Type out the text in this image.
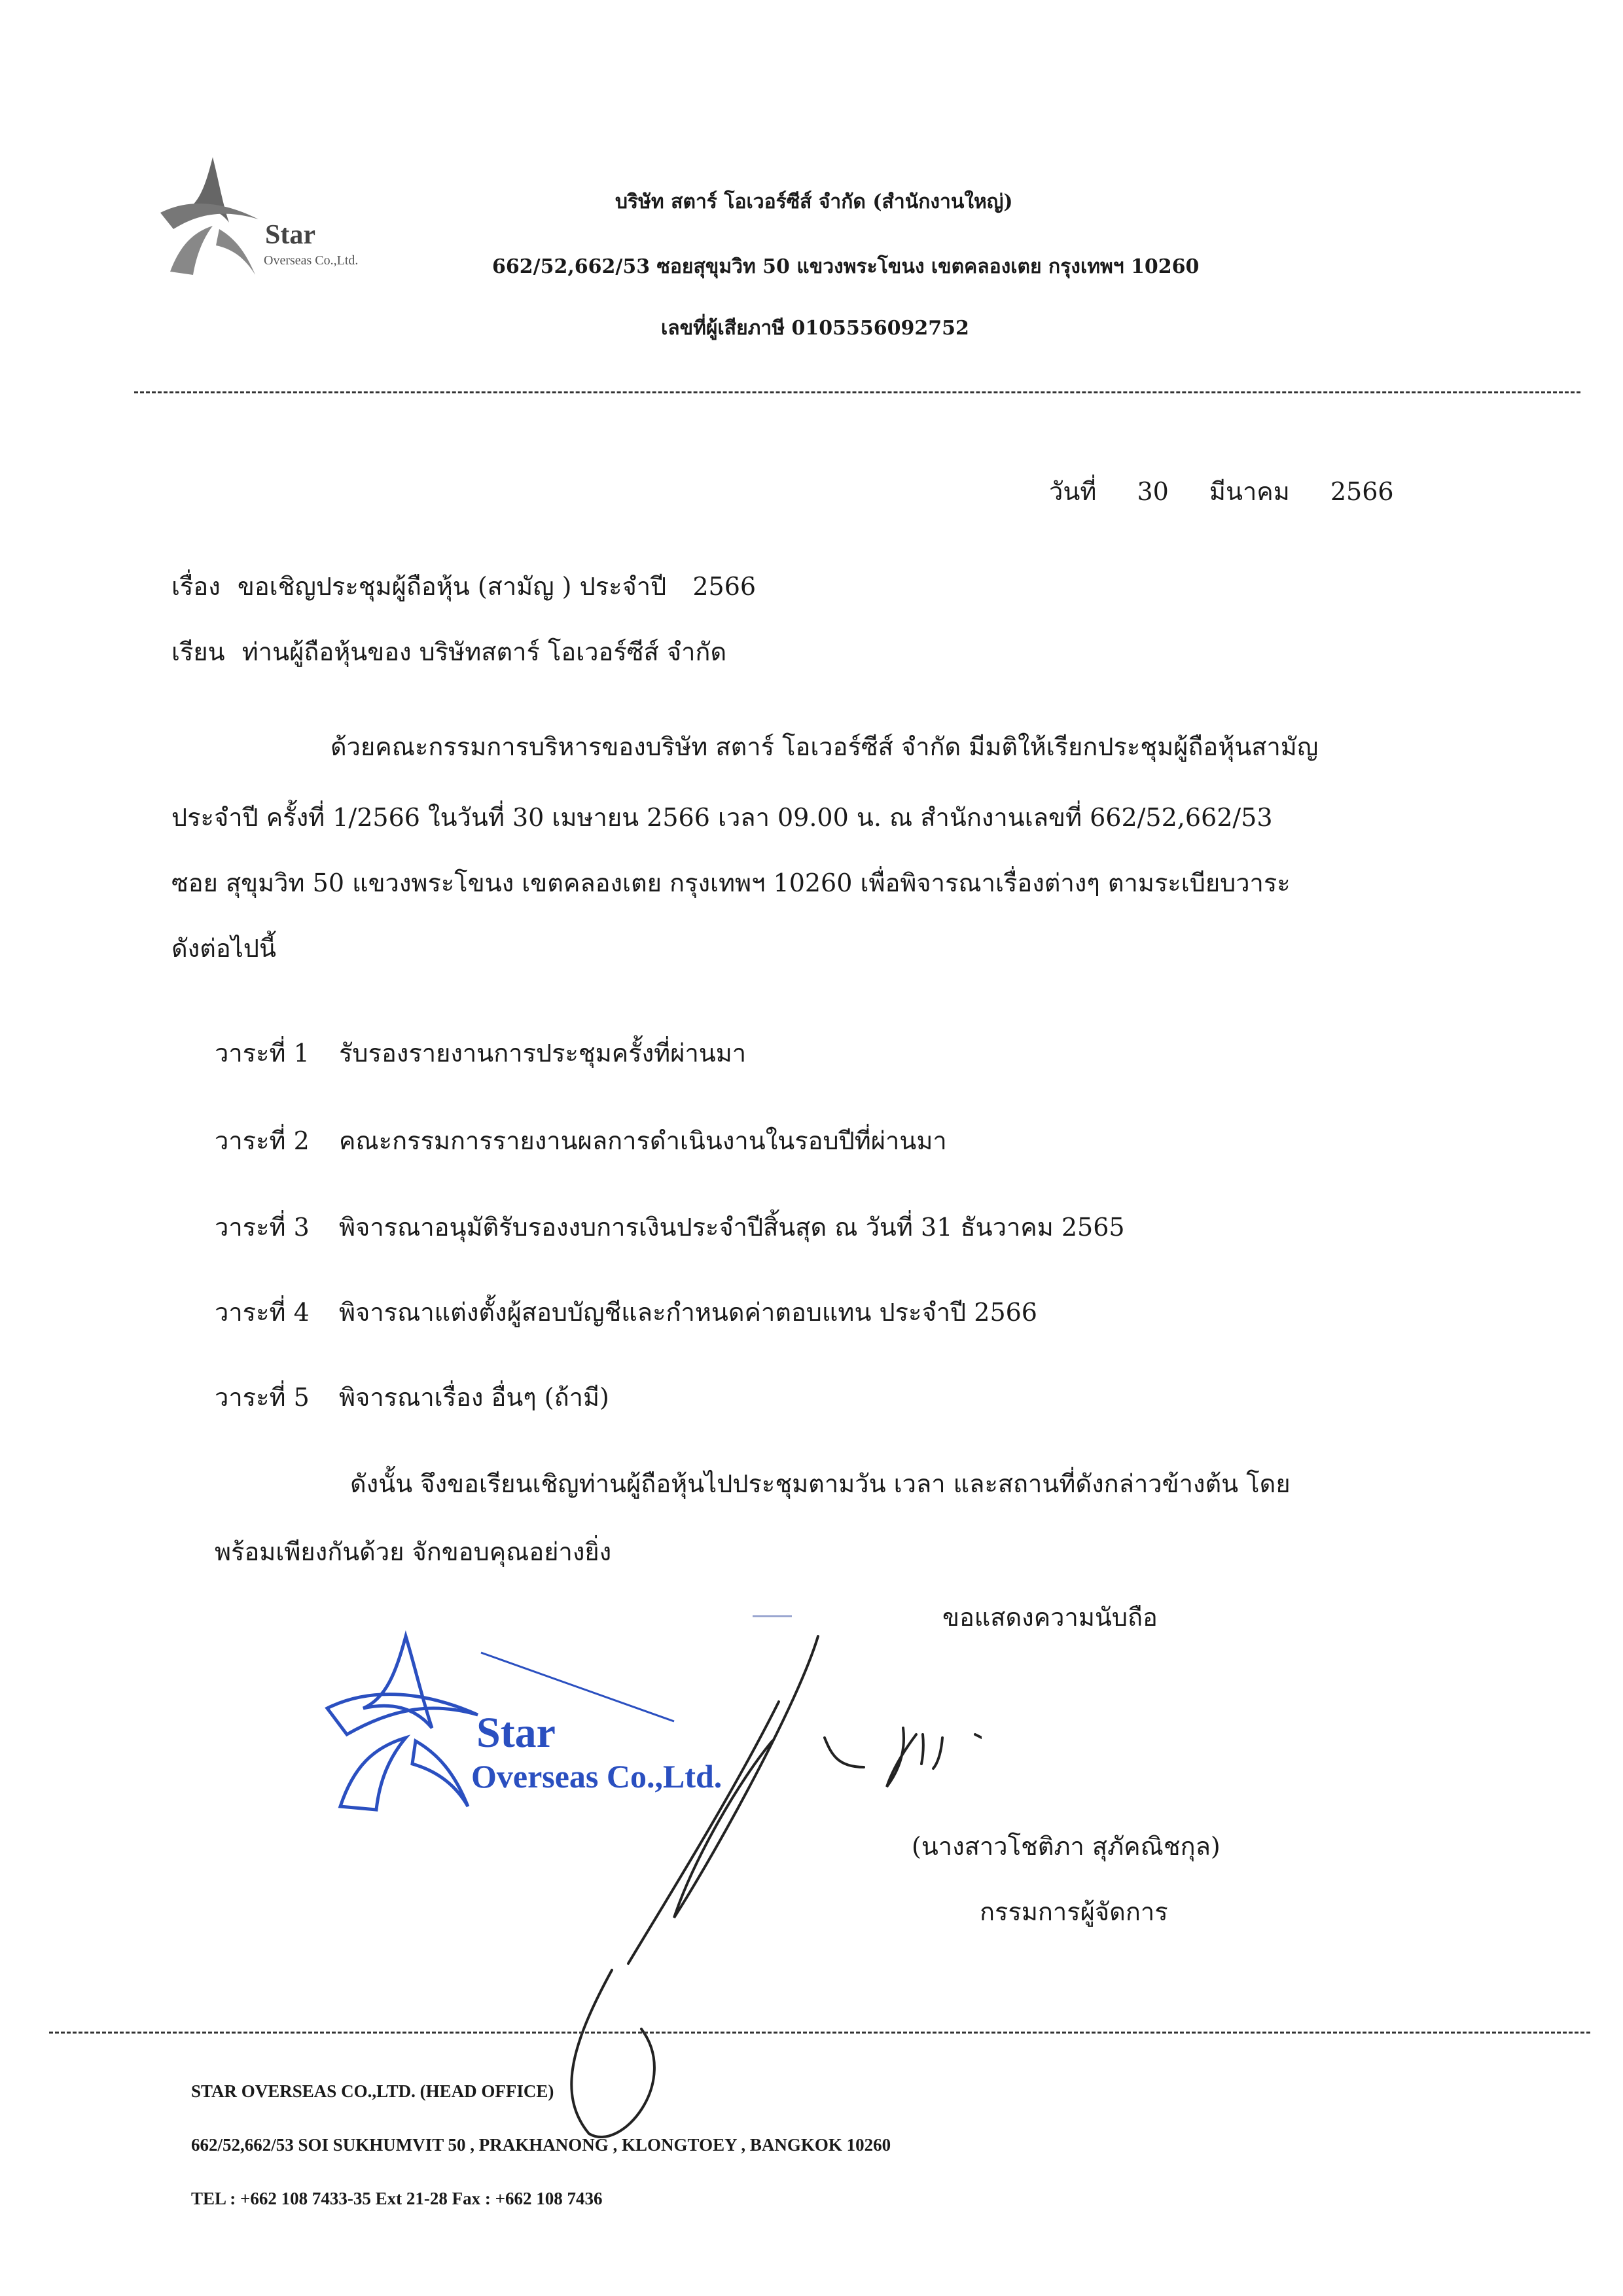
Star
Overseas Co.,Ltd.
บริษัท สตาร์ โอเวอร์ซีส์ จำกัด (สำนักงานใหญ่)
662/52,662/53 ซอยสุขุมวิท 50 แขวงพระโขนง เขตคลองเตย กรุงเทพฯ 10260
เลขที่ผู้เสียภาษี 0105556092752
วันที่ 30 มีนาคม 2566
เรื่อง ขอเชิญประชุมผู้ถือหุ้น (สามัญ ) ประจำปี 2566
เรียน ท่านผู้ถือหุ้นของ บริษัทสตาร์ โอเวอร์ซีส์ จำกัด
ด้วยคณะกรรมการบริหารของบริษัท สตาร์ โอเวอร์ซีส์ จำกัด มีมติให้เรียกประชุมผู้ถือหุ้นสามัญ
ประจำปี ครั้งที่ 1/2566 ในวันที่ 30 เมษายน 2566 เวลา 09.00 น. ณ สำนักงานเลขที่ 662/52,662/53
ซอย สุขุมวิท 50 แขวงพระโขนง เขตคลองเตย กรุงเทพฯ 10260 เพื่อพิจารณาเรื่องต่างๆ ตามระเบียบวาระ
ดังต่อไปนี้
วาระที่ 1 รับรองรายงานการประชุมครั้งที่ผ่านมา
วาระที่ 2 คณะกรรมการรายงานผลการดำเนินงานในรอบปีที่ผ่านมา
วาระที่ 3 พิจารณาอนุมัติรับรองงบการเงินประจำปีสิ้นสุด ณ วันที่ 31 ธันวาคม 2565
วาระที่ 4 พิจารณาแต่งตั้งผู้สอบบัญชีและกำหนดค่าตอบแทน ประจำปี 2566
วาระที่ 5 พิจารณาเรื่อง อื่นๆ (ถ้ามี)
ดังนั้น จึงขอเรียนเชิญท่านผู้ถือหุ้นไปประชุมตามวัน เวลา และสถานที่ดังกล่าวข้างต้น โดย
พร้อมเพียงกันด้วย จักขอบคุณอย่างยิ่ง
Star
Overseas Co.,Ltd.
ขอแสดงความนับถือ
(นางสาวโชติภา สุภัคณิชกุล)
กรรมการผู้จัดการ
STAR OVERSEAS CO.,LTD. (HEAD OFFICE)
662/52,662/53 SOI SUKHUMVIT 50 , PRAKHANONG , KLONGTOEY , BANGKOK 10260
TEL : +662 108 7433-35 Ext 21-28 Fax : +662 108 7436
